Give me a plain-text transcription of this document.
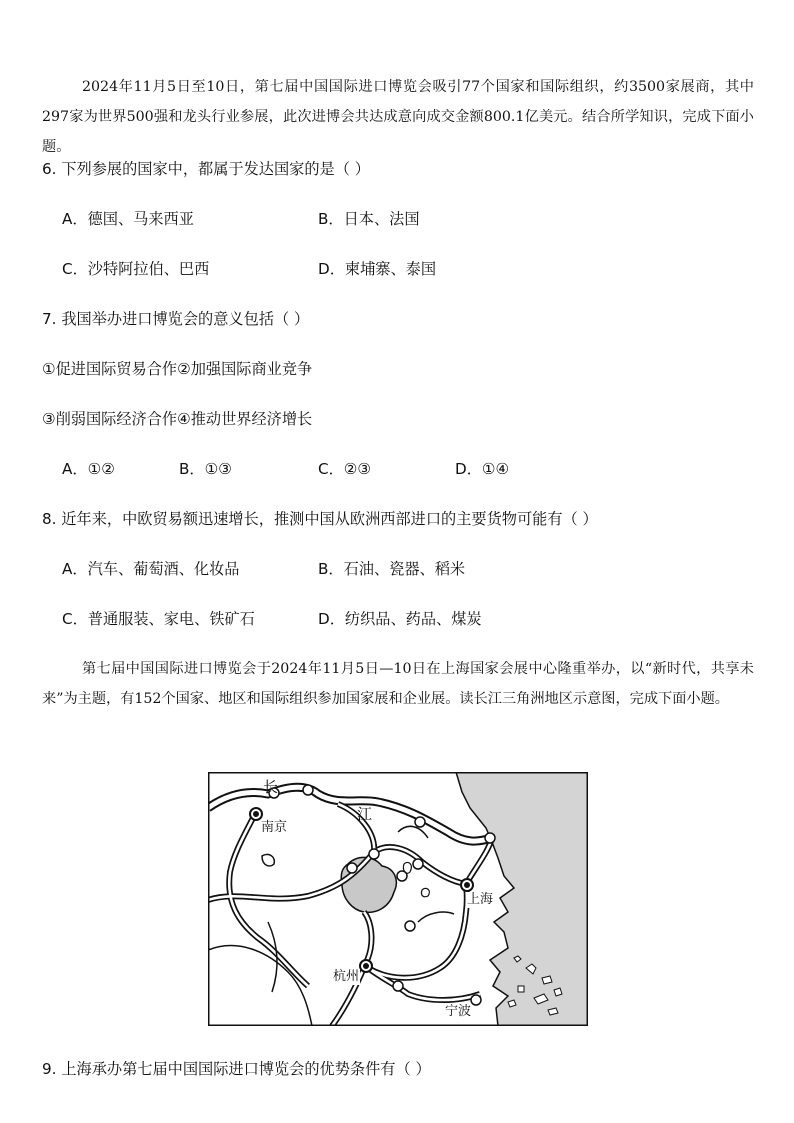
2024年11月5日至10日，第七届中国国际进口博览会吸引77个国家和国际组织，约3500家展商，其中297家为世界500强和龙头行业参展，此次进博会共达成意向成交金额800.1亿美元。结合所学知识，完成下面小题。
6. 下列参展的国家中，都属于发达国家的是（ ）
A．德国、马来西亚	B．日本、法国
C．沙特阿拉伯、巴西	D．柬埔寨、泰国
7. 我国举办进口博览会的意义包括（ ）
①促进国际贸易合作②加强国际商业竞争
③削弱国际经济合作④推动世界经济增长
A．①②	B．①③	C．②③	D．①④
8. 近年来，中欧贸易额迅速增长，推测中国从欧洲西部进口的主要货物可能有（ ）
A．汽车、葡萄酒、化妆品	B．石油、瓷器、稻米
C．普通服装、家电、铁矿石	D．纺织品、药品、煤炭
第七届中国国际进口博览会于2024年11月5日—10日在上海国家会展中心隆重举办，以“新时代，共享未来”为主题，有152个国家、地区和国际组织参加国家展和企业展。读长江三角洲地区示意图，完成下面小题。
长
江
南京
上海
杭州
宁波
9. 上海承办第七届中国国际进口博览会的优势条件有（ ）
